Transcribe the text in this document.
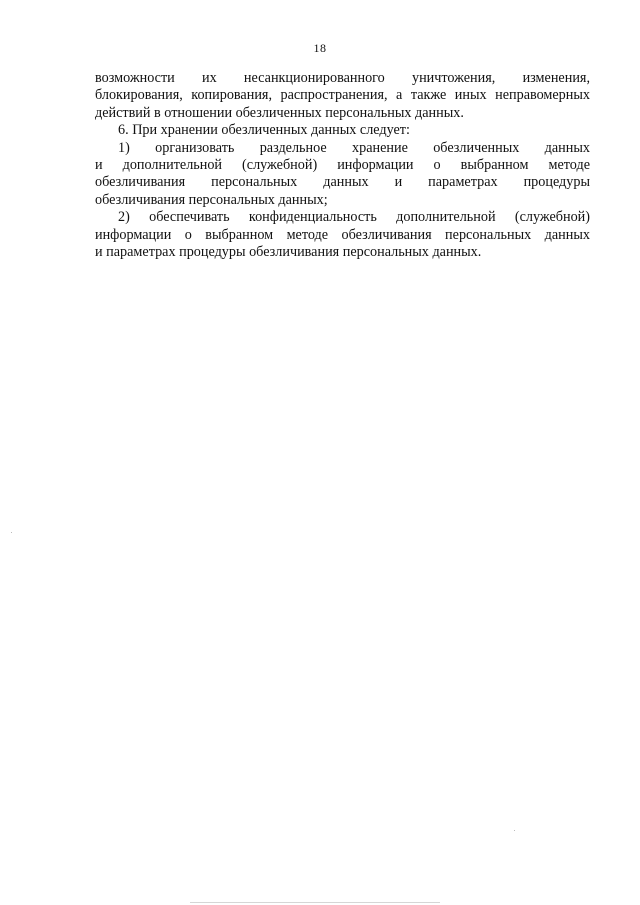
18

возможности их несанкционированного уничтожения, изменения,
блокирования, копирования, распространения, а также иных неправомерных
действий в отношении обезличенных персональных данных.

6. При хранении обезличенных данных следует:

1) организовать раздельное хранение обезличенных данных
и дополнительной (служебной) информации о выбранном методе
обезличивания персональных данных и параметрах процедуры
обезличивания персональных данных;

2) обеспечивать конфиденциальность дополнительной (служебной)
информации о выбранном методе обезличивания персональных данных
и параметрах процедуры обезличивания персональных данных.
